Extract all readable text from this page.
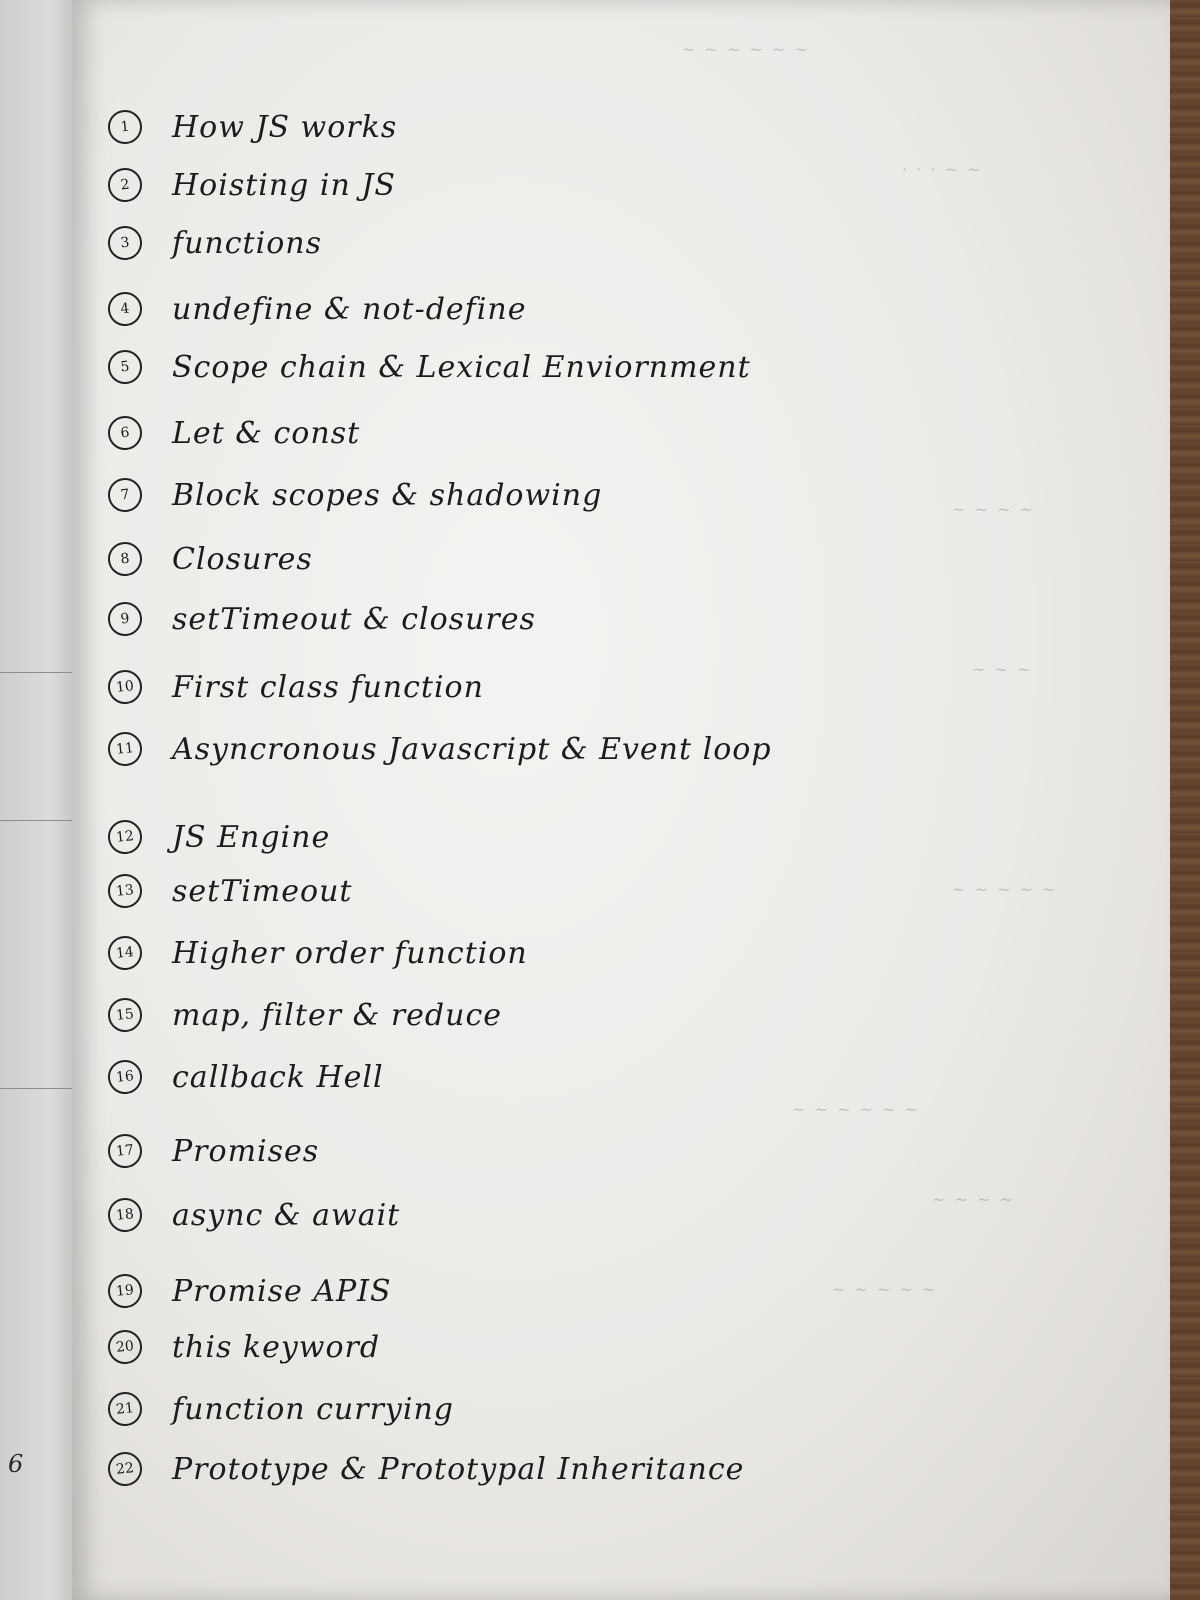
6
~ ~ ~ ~ ~ ~
· · · ~ ~
~ ~ ~ ~
~ ~ ~
~ ~ ~ ~ ~
~ ~ ~ ~ ~ ~
~ ~ ~ ~
~ ~ ~ ~ ~
1	How JS works
2	Hoisting in JS
3	functions
4	undefine & not-define
5	Scope chain & Lexical Enviornment
6	Let & const
7	Block scopes & shadowing
8	Closures
9	setTimeout & closures
10 First class function
11 Asyncronous Javascript & Event loop
12 JS Engine
13 setTimeout
14 Higher order function
15 map, filter & reduce
16 callback Hell
17 Promises
18 async & await
19 Promise APIS
20 this keyword
21 function currying
22 Prototype & Prototypal Inheritance
